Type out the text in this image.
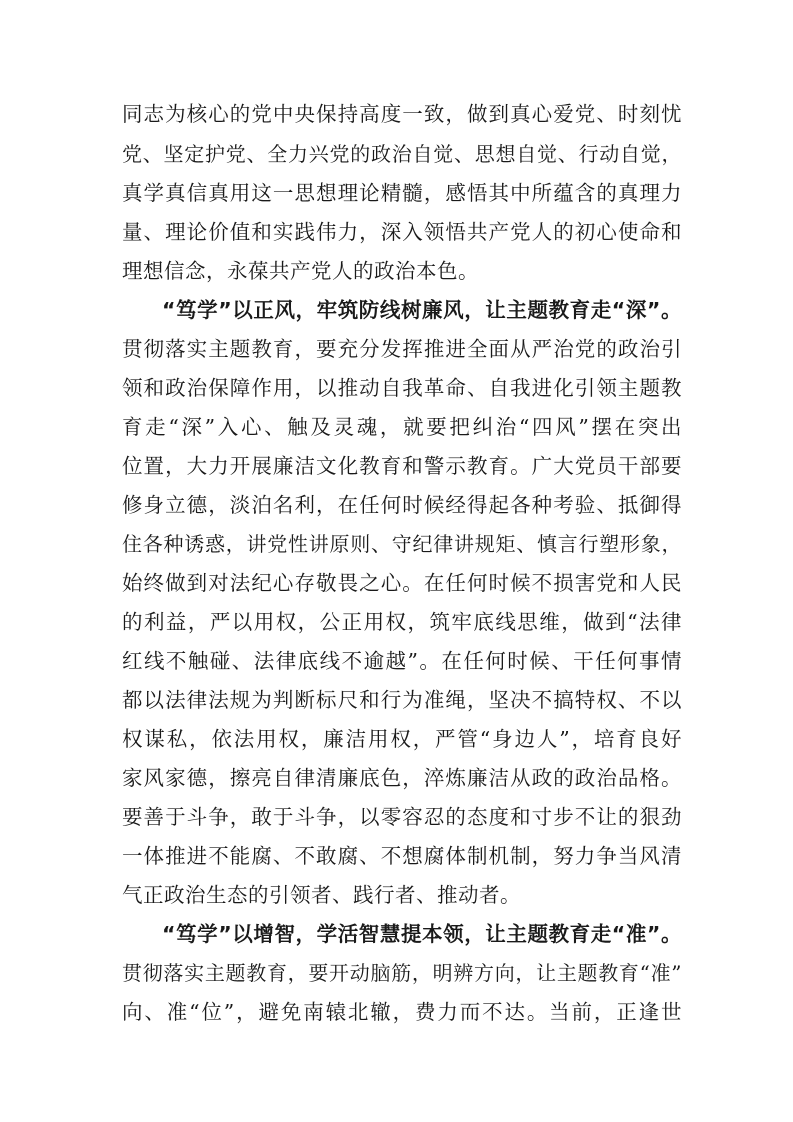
同志为核心的党中央保持高度一致，做到真心爱党、时刻忧
党、坚定护党、全力兴党的政治自觉、思想自觉、行动自觉，
真学真信真用这一思想理论精髓，感悟其中所蕴含的真理力
量、理论价值和实践伟力，深入领悟共产党人的初心使命和
理想信念，永葆共产党人的政治本色。
“笃学”以正风，牢筑防线树廉风，让主题教育走“深”。
贯彻落实主题教育，要充分发挥推进全面从严治党的政治引
领和政治保障作用，以推动自我革命、自我进化引领主题教
育走“深”入心、触及灵魂，就要把纠治“四风”摆在突出
位置，大力开展廉洁文化教育和警示教育。广大党员干部要
修身立德，淡泊名利，在任何时候经得起各种考验、抵御得
住各种诱惑，讲党性讲原则、守纪律讲规矩、慎言行塑形象，
始终做到对法纪心存敬畏之心。在任何时候不损害党和人民
的利益，严以用权，公正用权，筑牢底线思维，做到“法律
红线不触碰、法律底线不逾越”。在任何时候、干任何事情
都以法律法规为判断标尺和行为准绳，坚决不搞特权、不以
权谋私，依法用权，廉洁用权，严管“身边人”，培育良好
家风家德，擦亮自律清廉底色，淬炼廉洁从政的政治品格。
要善于斗争，敢于斗争，以零容忍的态度和寸步不让的狠劲
一体推进不能腐、不敢腐、不想腐体制机制，努力争当风清
气正政治生态的引领者、践行者、推动者。
“笃学”以增智，学活智慧提本领，让主题教育走“准”。
贯彻落实主题教育，要开动脑筋，明辨方向，让主题教育“准”
向、准“位”，避免南辕北辙，费力而不达。当前，正逢世
